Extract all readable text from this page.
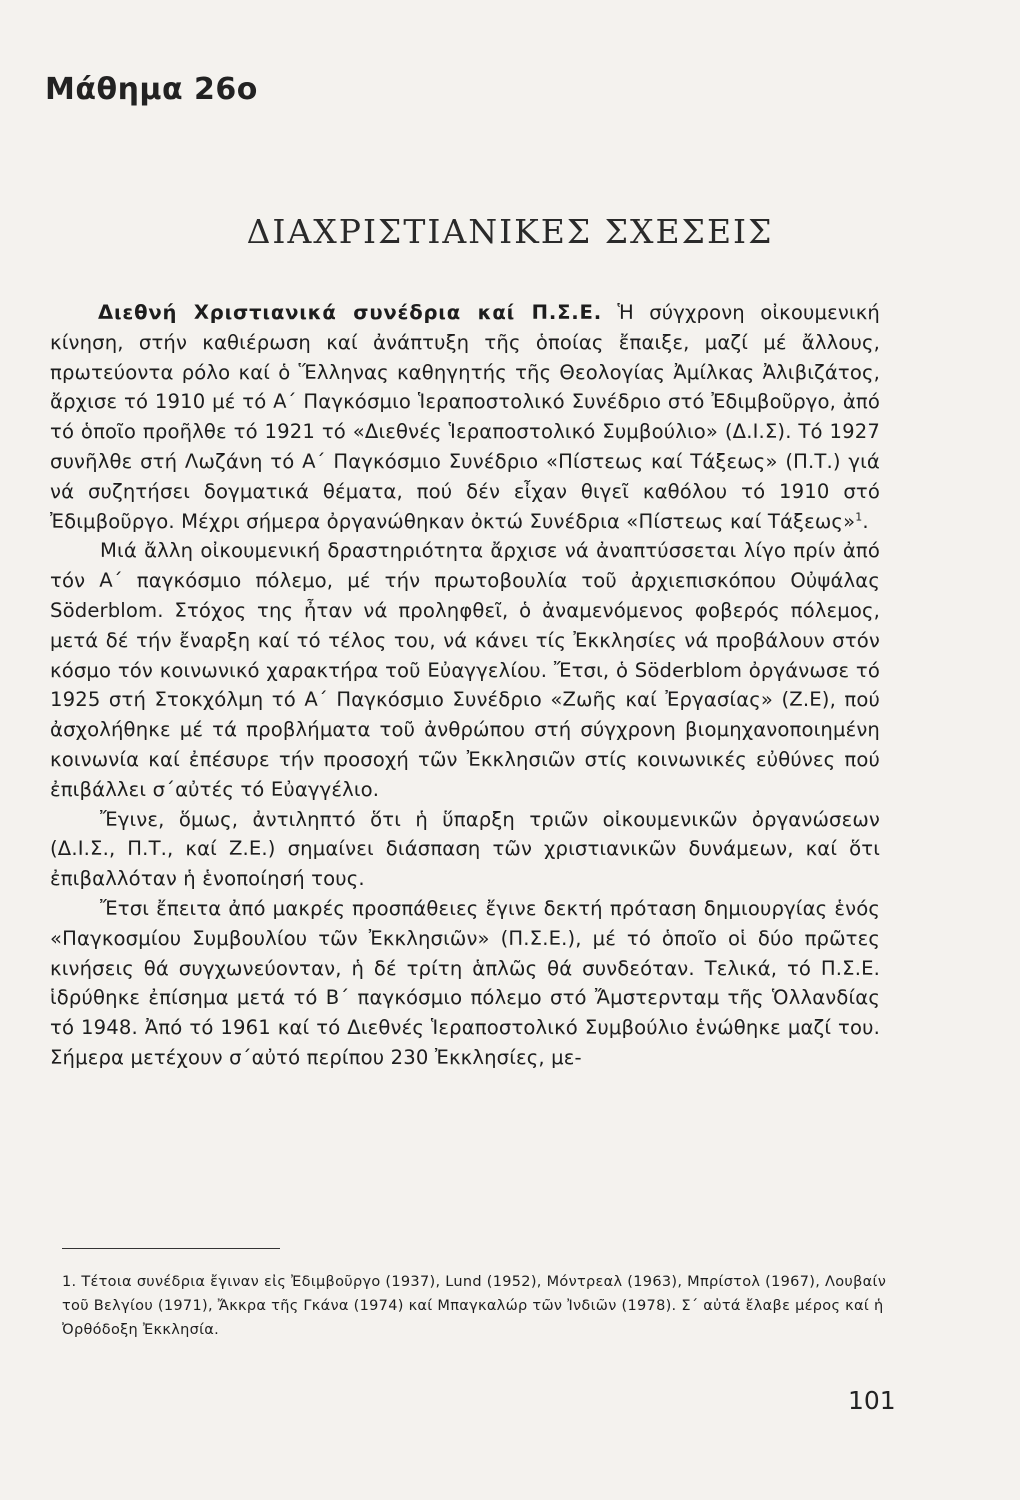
Μάθημα 26ο
ΔΙΑΧΡΙΣΤΙΑΝΙΚΕΣ ΣΧΕΣΕΙΣ

Διεθνή Χριστιανικά συνέδρια καί Π.Σ.Ε. Ἡ σύγχρονη οἰκουμενική κίνηση, στήν καθιέρωση καί ἀνάπτυξη τῆς ὁποίας ἔπαιξε, μαζί μέ ἄλλους, πρωτεύοντα ρόλο καί ὁ Ἕλληνας καθηγητής τῆς Θεολογίας Ἀμίλκας Ἀλιβιζάτος, ἄρχισε τό 1910 μέ τό Α΄ Παγκόσμιο Ἱεραποστολικό Συνέδριο στό Ἐδιμβοῦργο, ἀπό τό ὁποῖο προῆλθε τό 1921 τό «Διεθνές Ἱεραποστολικό Συμβούλιο» (Δ.Ι.Σ). Τό 1927 συνῆλθε στή Λωζάνη τό Α΄ Παγκόσμιο Συνέδριο «Πίστεως καί Τάξεως» (Π.Τ.) γιά νά συζητήσει δογματικά θέματα, πού δέν εἶχαν θιγεῖ καθόλου τό 1910 στό Ἐδιμβοῦργο. Μέχρι σήμερα ὀργανώθηκαν ὀκτώ Συνέδρια «Πίστεως καί Τάξεως»$^1$.

Μιά ἄλλη οἰκουμενική δραστηριότητα ἄρχισε νά ἀναπτύσσεται λίγο πρίν ἀπό τόν Α΄ παγκόσμιο πόλεμο, μέ τήν πρωτοβουλία τοῦ ἀρχιεπισκόπου Οὐψάλας Söderblom. Στόχος της ἦταν νά προληφθεῖ, ὁ ἀναμενόμενος φοβερός πόλεμος, μετά δέ τήν ἔναρξη καί τό τέλος του, νά κάνει τίς Ἐκκλησίες νά προβάλουν στόν κόσμο τόν κοινωνικό χαρακτήρα τοῦ Εὐαγγελίου. Ἔτσι, ὁ Söderblom ὀργάνωσε τό 1925 στή Στοκχόλμη τό Α΄ Παγκόσμιο Συνέδριο «Ζωῆς καί Ἐργασίας» (Ζ.Ε), πού ἀσχολήθηκε μέ τά προβλήματα τοῦ ἀνθρώπου στή σύγχρονη βιομηχανοποιημένη κοινωνία καί ἐπέσυρε τήν προσοχή τῶν Ἐκκλησιῶν στίς κοινωνικές εὐθύνες πού ἐπιβάλλει σ΄αὐτές τό Εὐαγγέλιο.

Ἔγινε, ὅμως, ἀντιληπτό ὅτι ἡ ὕπαρξη τριῶν οἰκουμενικῶν ὀργανώσεων (Δ.Ι.Σ., Π.Τ., καί Ζ.Ε.) σημαίνει διάσπαση τῶν χριστιανικῶν δυνάμεων, καί ὅτι ἐπιβαλλόταν ἡ ἑνοποίησή τους.

Ἔτσι ἔπειτα ἀπό μακρές προσπάθειες ἔγινε δεκτή πρόταση δημιουργίας ἑνός «Παγκοσμίου Συμβουλίου τῶν Ἐκκλησιῶν» (Π.Σ.Ε.), μέ τό ὁποῖο οἱ δύο πρῶτες κινήσεις θά συγχωνεύονταν, ἡ δέ τρίτη ἁπλῶς θά συνδεόταν. Τελικά, τό Π.Σ.Ε. ἱδρύθηκε ἐπίσημα μετά τό Β΄ παγκόσμιο πόλεμο στό Ἄμστερνταμ τῆς Ὁλλανδίας τό 1948. Ἀπό τό 1961 καί τό Διεθνές Ἱεραποστολικό Συμβούλιο ἑνώθηκε μαζί του. Σήμερα μετέχουν σ΄αὐτό περίπου 230 Ἐκκλησίες, με-

1. Τέτοια συνέδρια ἔγιναν εἰς Ἐδιμβοῦργο (1937), Lund (1952), Μόντρεαλ (1963), Μπρίστολ (1967), Λουβαίν τοῦ Βελγίου (1971), Ἄκκρα τῆς Γκάνα (1974) καί Μπαγκαλώρ τῶν Ἰνδιῶν (1978). Σ΄ αὐτά ἔλαβε μέρος καί ἡ Ὀρθόδοξη Ἐκκλησία.

101
